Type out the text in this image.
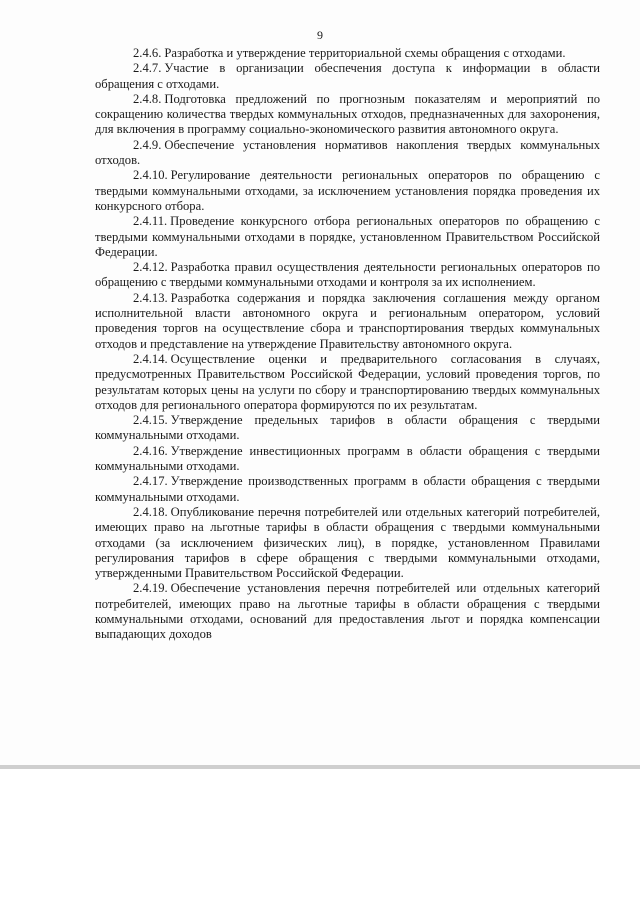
9

2.4.6. Разработка и утверждение территориальной схемы обращения с отходами.

2.4.7. Участие в организации обеспечения доступа к информации в области обращения с отходами.

2.4.8. Подготовка предложений по прогнозным показателям и мероприятий по сокращению количества твердых коммунальных отходов, предназначенных для захоронения, для включения в программу социально-экономического развития автономного округа.

2.4.9. Обеспечение установления нормативов накопления твердых коммунальных отходов.

2.4.10. Регулирование деятельности региональных операторов по обращению с твердыми коммунальными отходами, за исключением установления порядка проведения их конкурсного отбора.

2.4.11. Проведение конкурсного отбора региональных операторов по обращению с твердыми коммунальными отходами в порядке, установленном Правительством Российской Федерации.

2.4.12. Разработка правил осуществления деятельности региональных операторов по обращению с твердыми коммунальными отходами и контроля за их исполнением.

2.4.13. Разработка содержания и порядка заключения соглашения между органом исполнительной власти автономного округа и региональным оператором, условий проведения торгов на осуществление сбора и транспортирования твердых коммунальных отходов и представление на утверждение Правительству автономного округа.

2.4.14. Осуществление оценки и предварительного согласования в случаях, предусмотренных Правительством Российской Федерации, условий проведения торгов, по результатам которых цены на услуги по сбору и транспортированию твердых коммунальных отходов для регионального оператора формируются по их результатам.

2.4.15. Утверждение предельных тарифов в области обращения с твердыми коммунальными отходами.

2.4.16. Утверждение инвестиционных программ в области обращения с твердыми коммунальными отходами.

2.4.17. Утверждение производственных программ в области обращения с твердыми коммунальными отходами.

2.4.18. Опубликование перечня потребителей или отдельных категорий потребителей, имеющих право на льготные тарифы в области обращения с твердыми коммунальными отходами (за исключением физических лиц), в порядке, установленном Правилами регулирования тарифов в сфере обращения с твердыми коммунальными отходами, утвержденными Правительством Российской Федерации.

2.4.19. Обеспечение установления перечня потребителей или отдельных категорий потребителей, имеющих право на льготные тарифы в области обращения с твердыми коммунальными отходами, оснований для предоставления льгот и порядка компенсации выпадающих доходов
